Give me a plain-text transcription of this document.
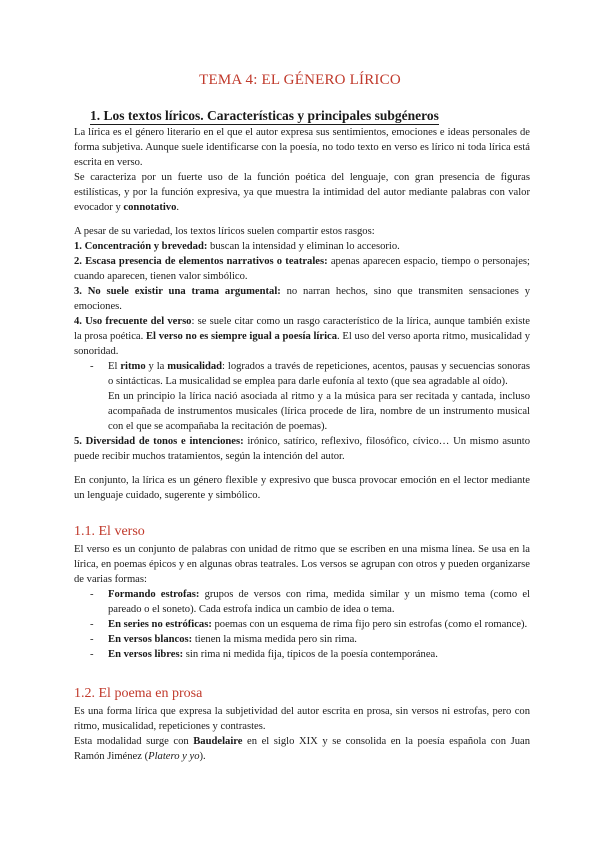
TEMA 4: EL GÉNERO LÍRICO
1. Los textos líricos. Características y principales subgéneros

La lírica es el género literario en el que el autor expresa sus sentimientos, emociones e ideas personales de forma subjetiva. Aunque suele identificarse con la poesía, no todo texto en verso es lírico ni toda lírica está escrita en verso.

Se caracteriza por un fuerte uso de la función poética del lenguaje, con gran presencia de figuras estilísticas, y por la función expresiva, ya que muestra la intimidad del autor mediante palabras con valor evocador y connotativo.

A pesar de su variedad, los textos líricos suelen compartir estos rasgos:

1. Concentración y brevedad: buscan la intensidad y eliminan lo accesorio.

2. Escasa presencia de elementos narrativos o teatrales: apenas aparecen espacio, tiempo o personajes; cuando aparecen, tienen valor simbólico.

3. No suele existir una trama argumental: no narran hechos, sino que transmiten sensaciones y emociones.

4. Uso frecuente del verso: se suele citar como un rasgo característico de la lírica, aunque también existe la prosa poética. El verso no es siempre igual a poesía lírica. El uso del verso aporta ritmo, musicalidad y sonoridad.

- El ritmo y la musicalidad: logrados a través de repeticiones, acentos, pausas y secuencias sonoras o sintácticas. La musicalidad se emplea para darle eufonía al texto (que sea agradable al oído).

En un principio la lírica nació asociada al ritmo y a la música para ser recitada y cantada, incluso acompañada de instrumentos musicales (lírica procede de lira, nombre de un instrumento musical con el que se acompañaba la recitación de poemas).

5. Diversidad de tonos e intenciones: irónico, satírico, reflexivo, filosófico, cívico… Un mismo asunto puede recibir muchos tratamientos, según la intención del autor.

En conjunto, la lírica es un género flexible y expresivo que busca provocar emoción en el lector mediante un lenguaje cuidado, sugerente y simbólico.

1.1. El verso

El verso es un conjunto de palabras con unidad de ritmo que se escriben en una misma línea. Se usa en la lírica, en poemas épicos y en algunas obras teatrales. Los versos se agrupan con otros y pueden organizarse de varias formas:

- Formando estrofas: grupos de versos con rima, medida similar y un mismo tema (como el pareado o el soneto). Cada estrofa indica un cambio de idea o tema.

- En series no estróficas: poemas con un esquema de rima fijo pero sin estrofas (como el romance).

- En versos blancos: tienen la misma medida pero sin rima.

- En versos libres: sin rima ni medida fija, típicos de la poesía contemporánea.

1.2. El poema en prosa

Es una forma lírica que expresa la subjetividad del autor escrita en prosa, sin versos ni estrofas, pero con ritmo, musicalidad, repeticiones y contrastes.

Esta modalidad surge con Baudelaire en el siglo XIX y se consolida en la poesía española con Juan Ramón Jiménez (Platero y yo).
